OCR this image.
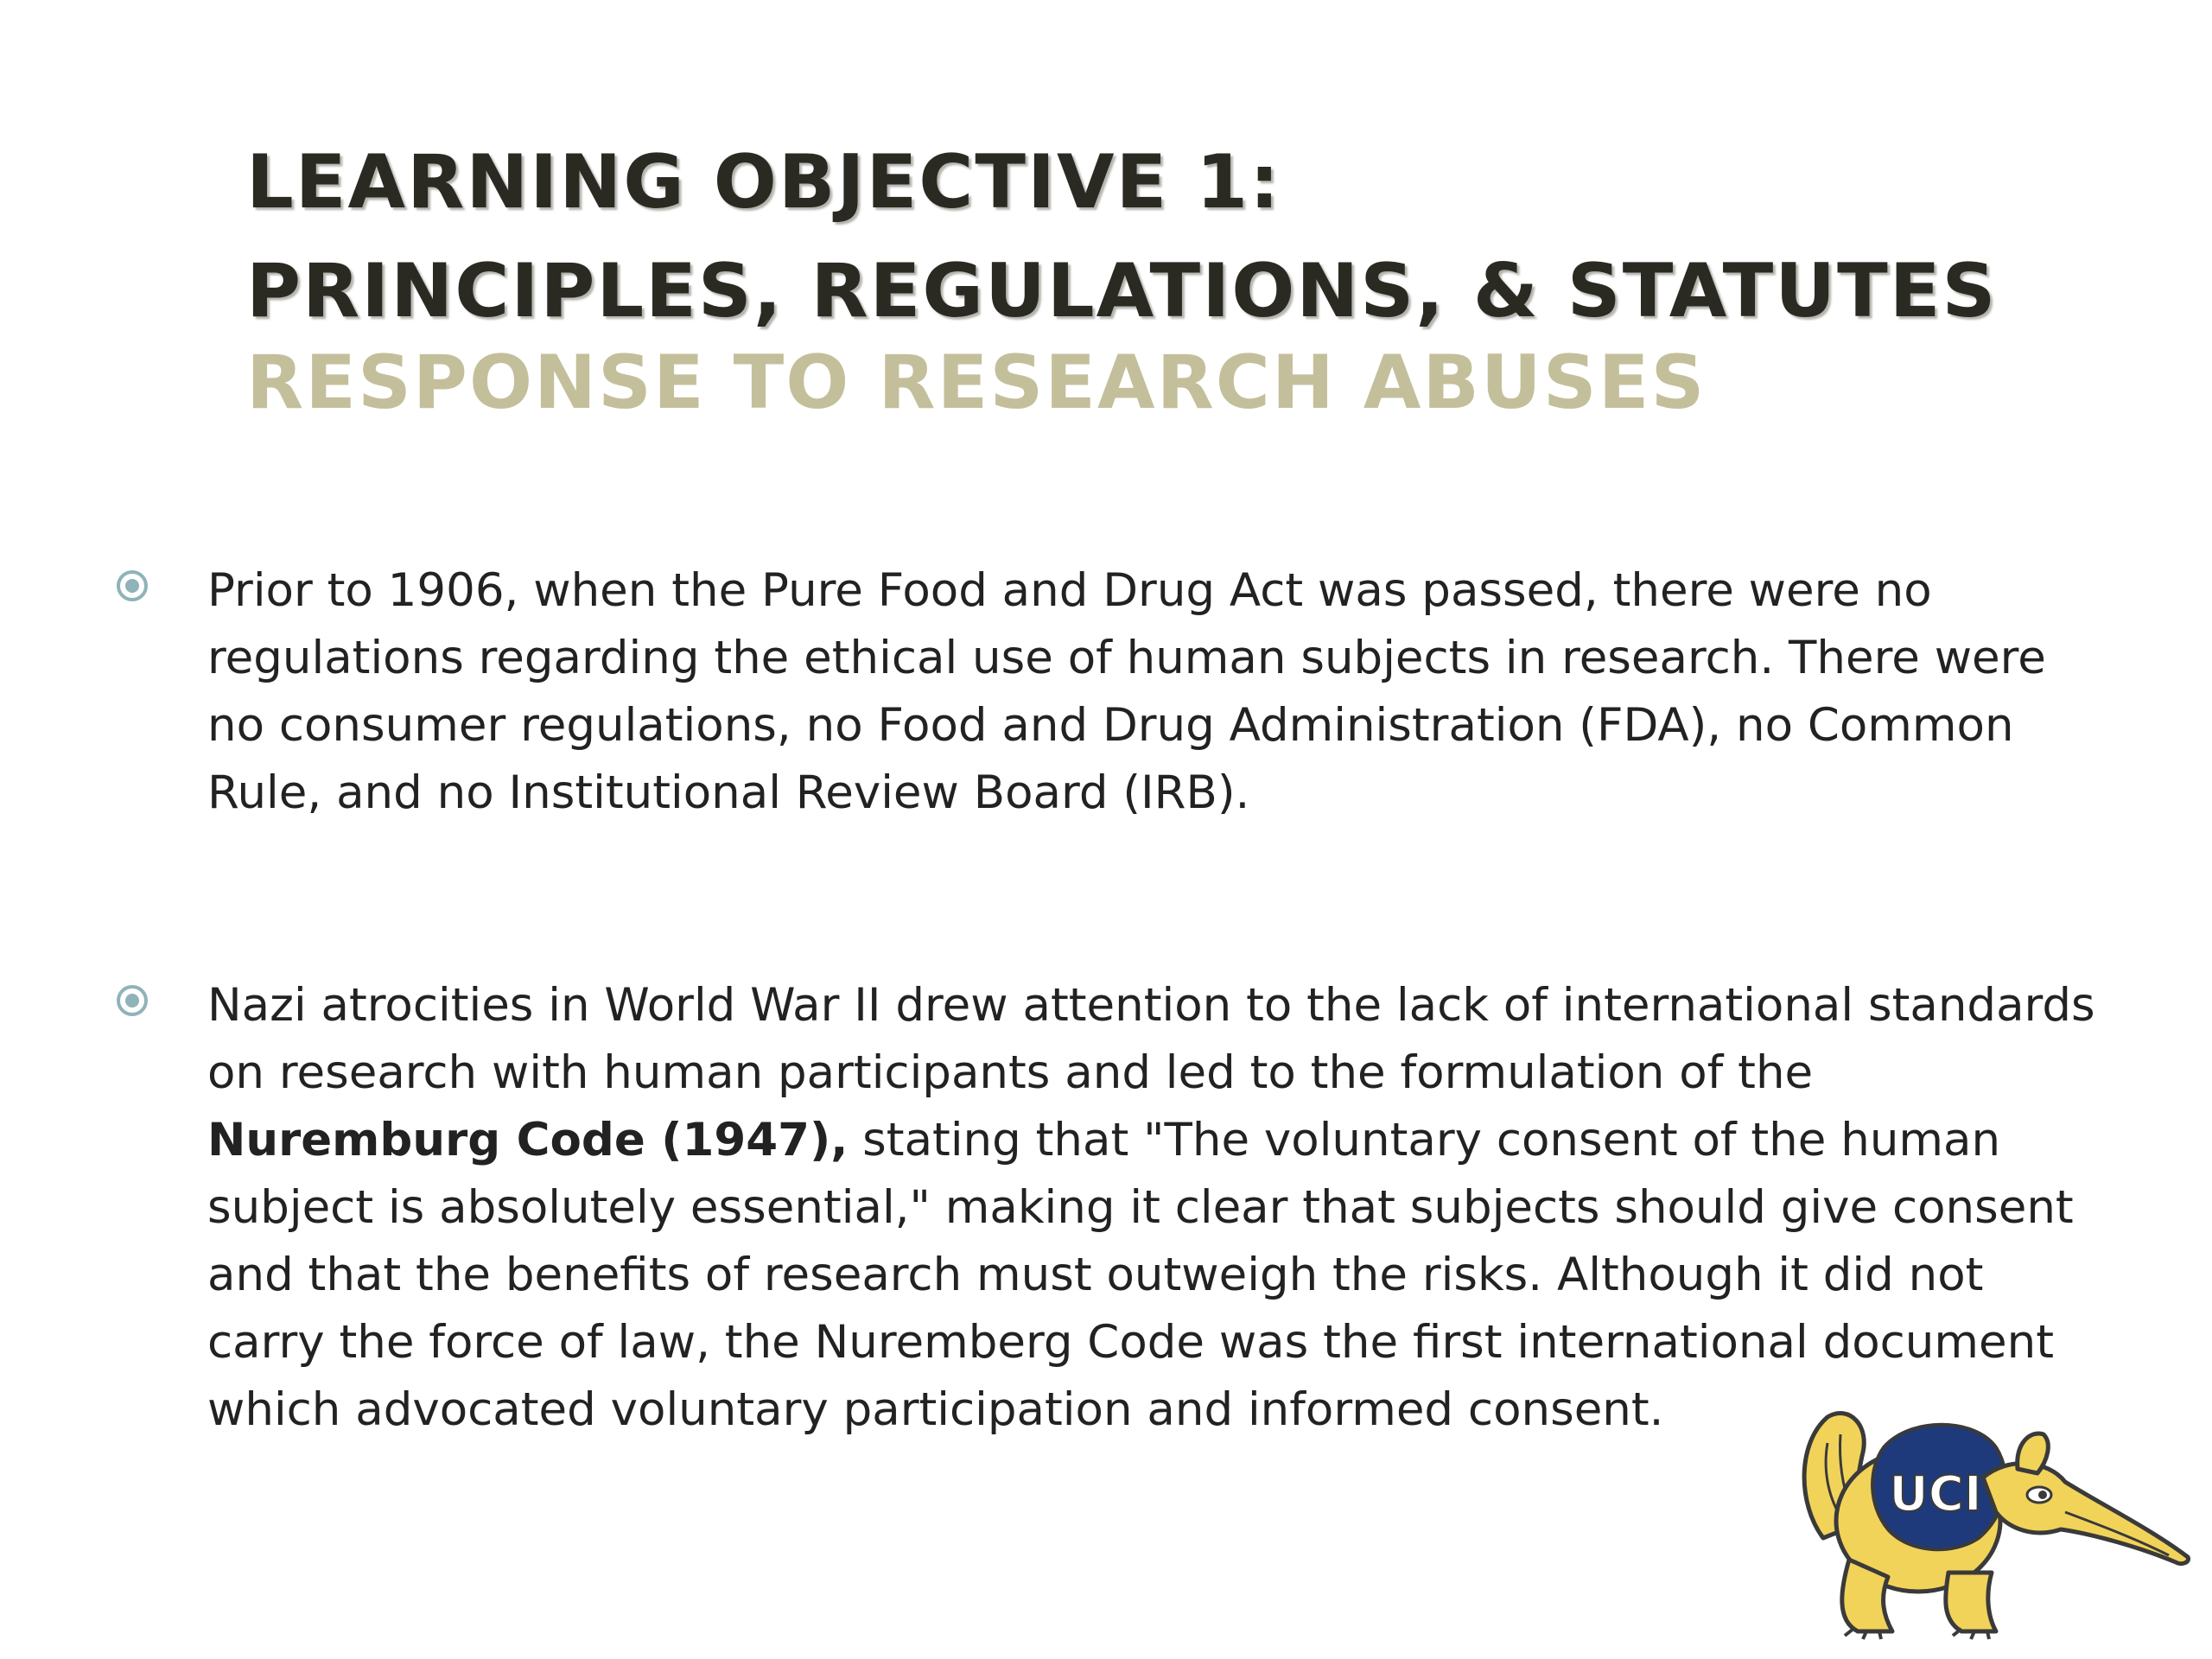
LEARNING OBJECTIVE 1:
PRINCIPLES, REGULATIONS, & STATUTES
RESPONSE TO RESEARCH ABUSES
Prior to 1906, when the Pure Food and Drug Act was passed, there were no regulations regarding the ethical use of human subjects in research. There were no consumer regulations, no Food and Drug Administration (FDA), no Common Rule, and no Institutional Review Board (IRB).
Nazi atrocities in World War II drew attention to the lack of international standards on research with human participants and led to the formulation of the Nuremburg Code (1947), stating that "The voluntary consent of the human subject is absolutely essential," making it clear that subjects should give consent and that the benefits of research must outweigh the risks. Although it did not carry the force of law, the Nuremberg Code was the first international document which advocated voluntary participation and informed consent.
UCI
